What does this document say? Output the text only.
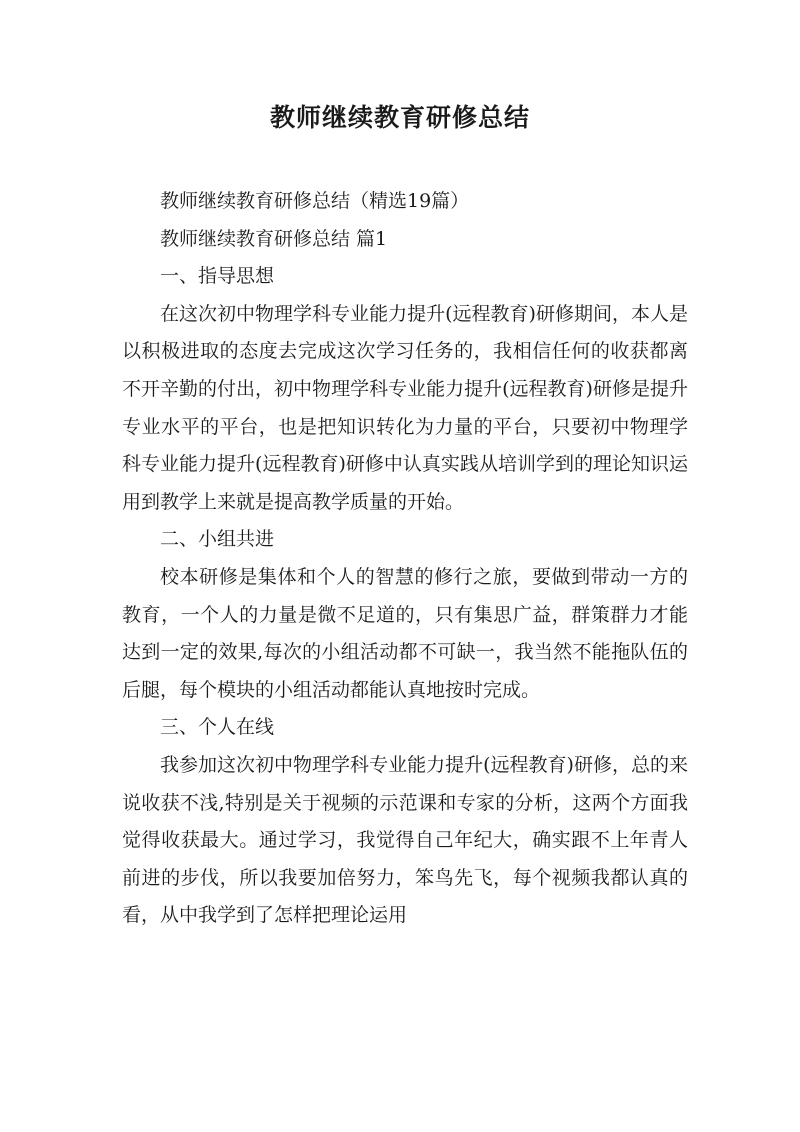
教师继续教育研修总结

教师继续教育研修总结（精选19篇）

教师继续教育研修总结 篇1

一、指导思想

在这次初中物理学科专业能力提升(远程教育)研修期间，本人是以积极进取的态度去完成这次学习任务的，我相信任何的收获都离不开辛勤的付出，初中物理学科专业能力提升(远程教育)研修是提升专业水平的平台，也是把知识转化为力量的平台，只要初中物理学科专业能力提升(远程教育)研修中认真实践从培训学到的理论知识运用到教学上来就是提高教学质量的开始。

二、小组共进

校本研修是集体和个人的智慧的修行之旅，要做到带动一方的教育，一个人的力量是微不足道的，只有集思广益，群策群力才能达到一定的效果,每次的小组活动都不可缺一，我当然不能拖队伍的后腿，每个模块的小组活动都能认真地按时完成。

三、个人在线

我参加这次初中物理学科专业能力提升(远程教育)研修，总的来说收获不浅,特别是关于视频的示范课和专家的分析，这两个方面我觉得收获最大。通过学习，我觉得自己年纪大，确实跟不上年青人前进的步伐，所以我要加倍努力，笨鸟先飞，每个视频我都认真的看，从中我学到了怎样把理论运用
